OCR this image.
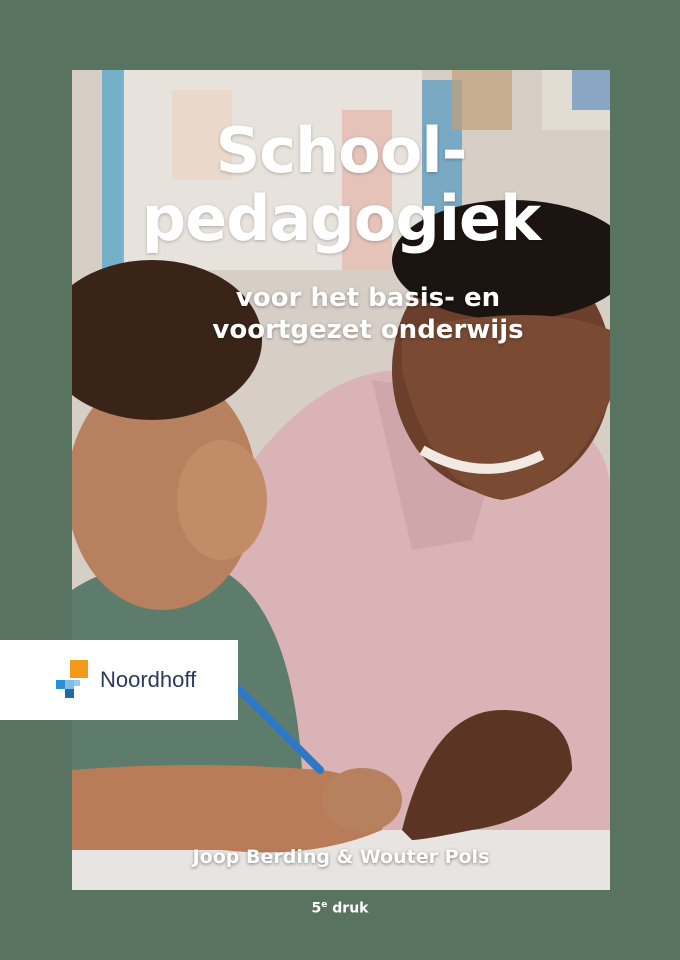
School-
pedagogiek
voor het basis- en
voortgezet onderwijs
Joop Berding & Wouter Pols
Noordhoff
5e druk
